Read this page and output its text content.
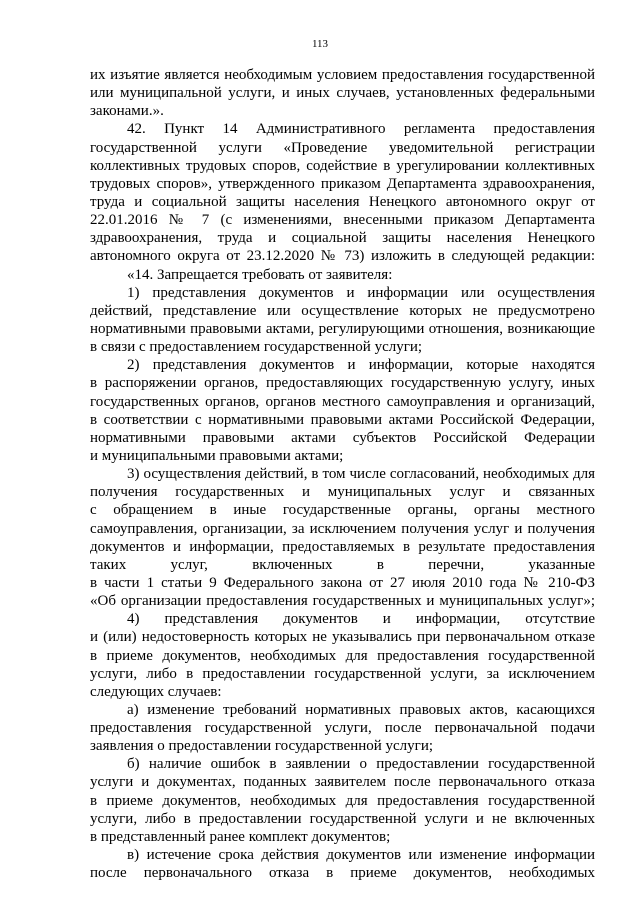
113
их изъятие является необходимым условием предоставления государственной
или муниципальной услуги, и иных случаев, установленных федеральными
законами.».
42. Пункт 14 Административного регламента предоставления
государственной услуги «Проведение уведомительной регистрации
коллективных трудовых споров, содействие в урегулировании коллективных
трудовых споров», утвержденного приказом Департамента здравоохранения,
труда и социальной защиты населения Ненецкого автономного округ от
22.01.2016 № 7 (с изменениями, внесенными приказом Департамента
здравоохранения, труда и социальной защиты населения Ненецкого
автономного округа от 23.12.2020 № 73) изложить в следующей редакции:
«14. Запрещается требовать от заявителя:
1) представления документов и информации или осуществления
действий, представление или осуществление которых не предусмотрено
нормативными правовыми актами, регулирующими отношения, возникающие
в связи с предоставлением государственной услуги;
2) представления документов и информации, которые находятся
в распоряжении органов, предоставляющих государственную услугу, иных
государственных органов, органов местного самоуправления и организаций,
в соответствии с нормативными правовыми актами Российской Федерации,
нормативными правовыми актами субъектов Российской Федерации
и муниципальными правовыми актами;
3) осуществления действий, в том числе согласований, необходимых для
получения государственных и муниципальных услуг и связанных
с обращением в иные государственные органы, органы местного
самоуправления, организации, за исключением получения услуг и получения
документов и информации, предоставляемых в результате предоставления
таких услуг, включенных в перечни, указанные
в части 1 статьи 9 Федерального закона от 27 июля 2010 года № 210-ФЗ
«Об организации предоставления государственных и муниципальных услуг»;
4) представления документов и информации, отсутствие
и (или) недостоверность которых не указывались при первоначальном отказе
в приеме документов, необходимых для предоставления государственной
услуги, либо в предоставлении государственной услуги, за исключением
следующих случаев:
а) изменение требований нормативных правовых актов, касающихся
предоставления государственной услуги, после первоначальной подачи
заявления о предоставлении государственной услуги;
б) наличие ошибок в заявлении о предоставлении государственной
услуги и документах, поданных заявителем после первоначального отказа
в приеме документов, необходимых для предоставления государственной
услуги, либо в предоставлении государственной услуги и не включенных
в представленный ранее комплект документов;
в) истечение срока действия документов или изменение информации
после первоначального отказа в приеме документов, необходимых
